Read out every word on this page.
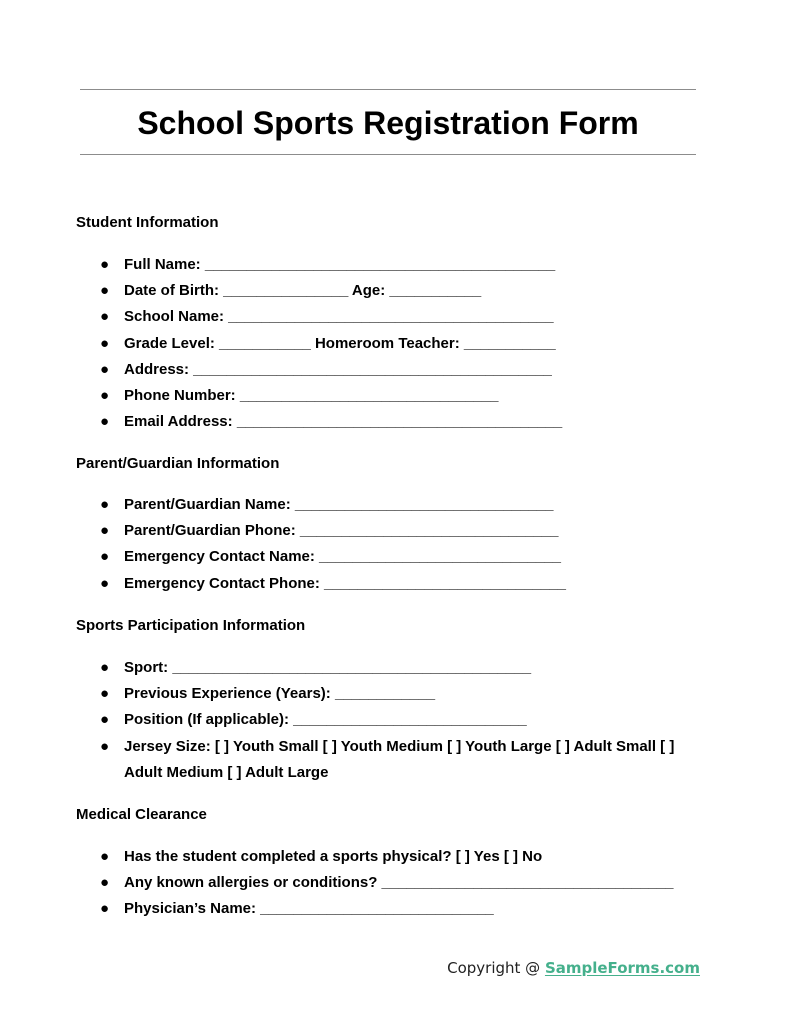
School Sports Registration Form
Student Information
● Full Name: __________________________________________
● Date of Birth: _______________ Age: ___________
● School Name: _______________________________________
● Grade Level: ___________ Homeroom Teacher: ___________
● Address: ___________________________________________
● Phone Number: _______________________________
● Email Address: _______________________________________
Parent/Guardian Information
● Parent/Guardian Name: _______________________________
● Parent/Guardian Phone: _______________________________
● Emergency Contact Name: _____________________________
● Emergency Contact Phone: _____________________________
Sports Participation Information
● Sport: ___________________________________________
● Previous Experience (Years): ____________
● Position (If applicable): ____________________________
● Jersey Size: [ ] Youth Small [ ] Youth Medium [ ] Youth Large [ ] Adult Small [ ] Adult Medium [ ] Adult Large
Medical Clearance
● Has the student completed a sports physical? [ ] Yes [ ] No
● Any known allergies or conditions? ___________________________________
● Physician’s Name: ____________________________
Copyright @ SampleForms.com
